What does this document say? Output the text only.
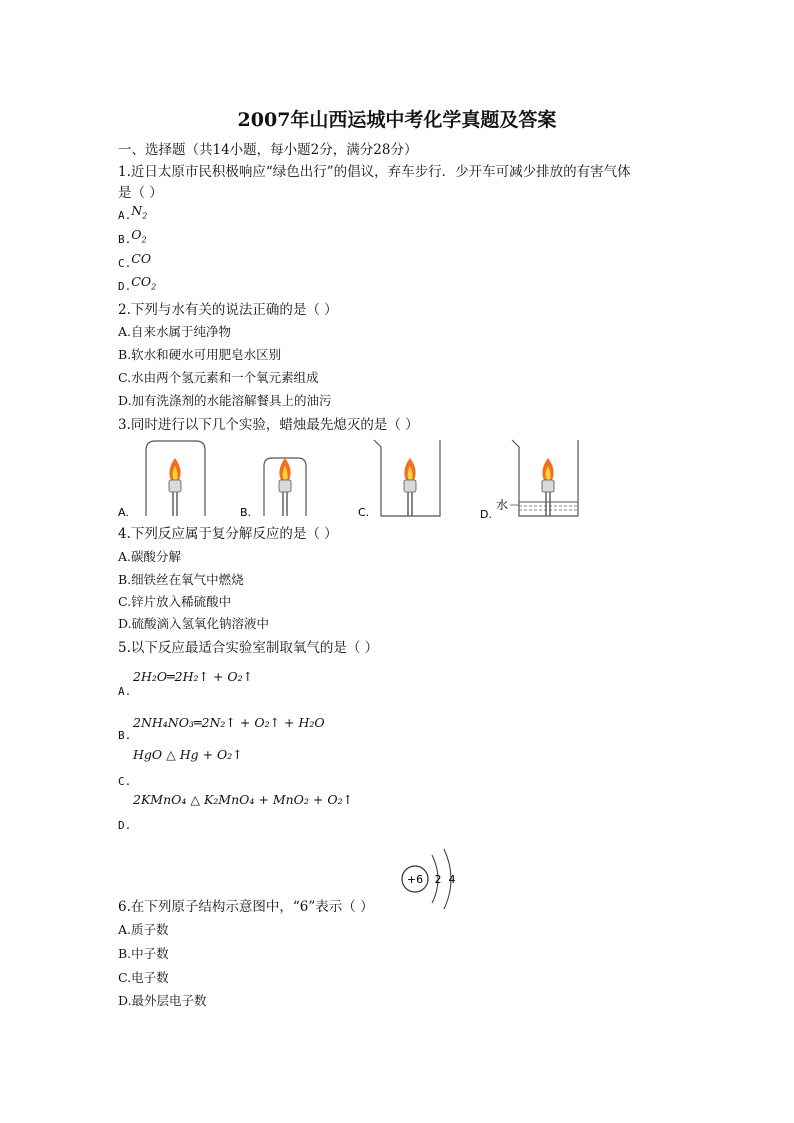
2007年山西运城中考化学真题及答案
一、选择题（共14小题，每小题2分，满分28分）
1.近日太原市民积极响应“绿色出行”的倡议，弃车步行．少开车可减少排放的有害气体
是（ ）
$A.N_2$
$B.O_2$
C.CO
$D.CO_2$
2.下列与水有关的说法正确的是（ ）
A.自来水属于纯净物
B.软水和硬水可用肥皂水区别
C.水由两个氢元素和一个氧元素组成
D.加有洗涤剂的水能溶解餐具上的油污
3.同时进行以下几个实验，蜡烛最先熄灭的是（ ）
A.	B.	C.
水
D.
4.下列反应属于复分解反应的是（ ）
A.碳酸分解
B.细铁丝在氧气中燃烧
C.锌片放入稀硫酸中
D.硫酸滴入氢氧化钠溶液中
5.以下反应最适合实验室制取氧气的是（ ）
2H₂O═2H₂↑ + O₂↑
A.
2NH₄NO₃═2N₂↑ + O₂↑ + H₂O
B.
HgO △ Hg + O₂↑
C.
2KMnO₄ △ K₂MnO₄ + MnO₂ + O₂↑
D.
+6 2 4
6.在下列原子结构示意图中，“6”表示（ ）
A.质子数
B.中子数
C.电子数
D.最外层电子数
